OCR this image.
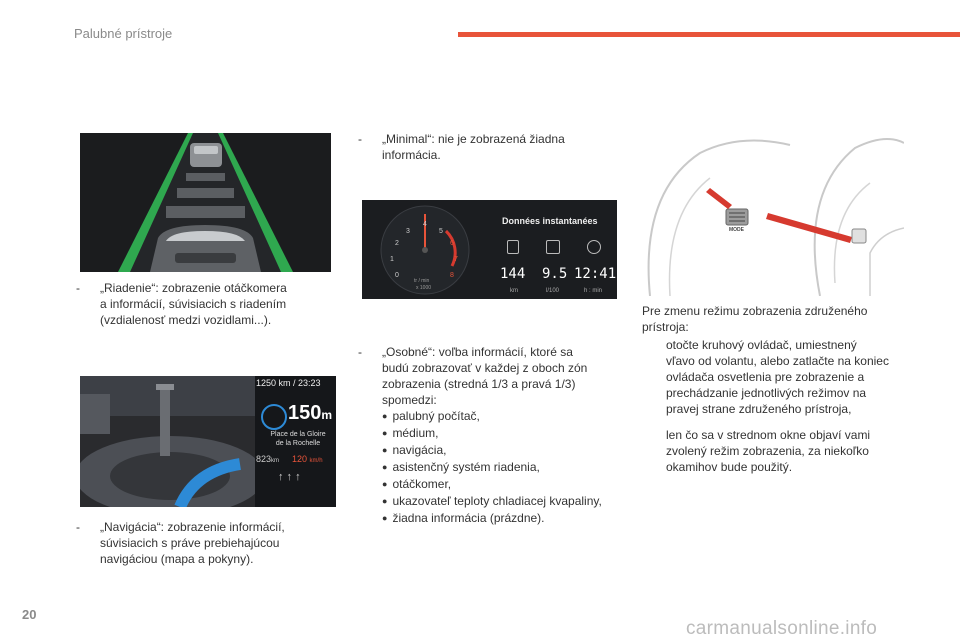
Palubné prístroje
- „Riadenie“: zobrazenie otáčkomera
a informácií, súvisiacich s riadením
(vzdialenosť medzi vozidlami...).
1250 km / 23:23
150m
Place de la Gloire
de la Rochelle
823km 120 km/h
↑ ↑ ↑
- „Navigácia“: zobrazenie informácií,
súvisiacich s práve prebiehajúcou
navigáciou (mapa a pokyny).
- „Minimal“: nie je zobrazená žiadna
informácia.
0
1
2
3
4
5
6
7
8
tr / min
x 1000
Données instantanées
144 9.5 12:41
km	l/100	h : min
- „Osobné“: voľba informácií, ktoré sa
budú zobrazovať v každej z oboch zón
zobrazenia (stredná 1/3 a pravá 1/3)
spomedzi:
● palubný počítač,
● médium,
● navigácia,
● asistenčný systém riadenia,
● otáčkomer,
● ukazovateľ teploty chladiacej kvapaliny,
● žiadna informácia (prázdne).
MODE
Pre zmenu režimu zobrazenia združeného
prístroja:
otočte kruhový ovládač, umiestnený
vľavo od volantu, alebo zatlačte na koniec
ovládača osvetlenia pre zobrazenie a
prechádzanie jednotlivých režimov na
pravej strane združeného prístroja,
len čo sa v strednom okne objaví vami
zvolený režim zobrazenia, za niekoľko
okamihov bude použitý.
20
carmanualsonline.info
